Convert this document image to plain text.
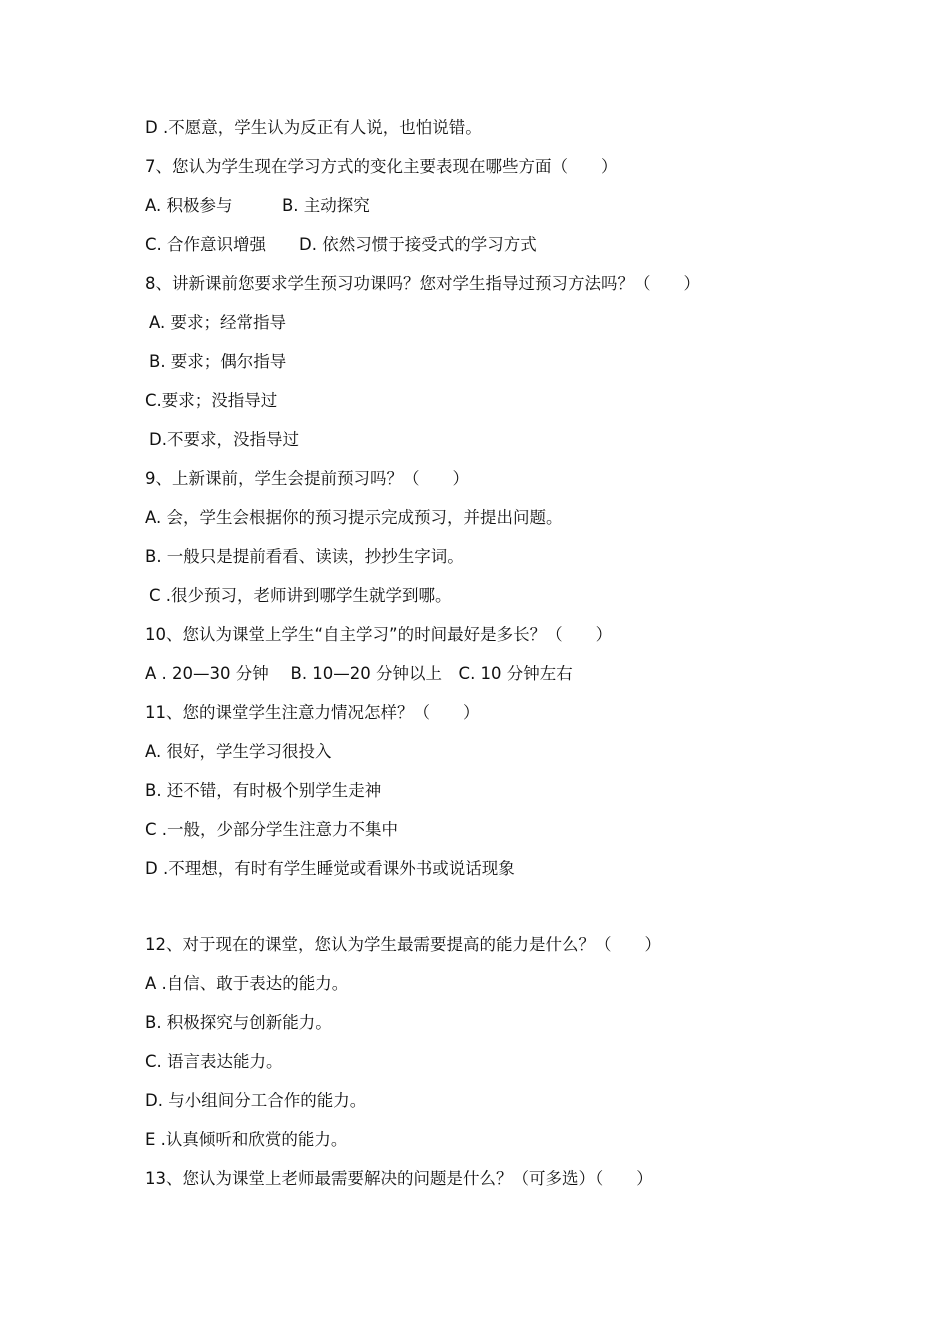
D .不愿意，学生认为反正有人说，也怕说错。
7、您认为学生现在学习方式的变化主要表现在哪些方面（　　）
A. 积极参与　　　B. 主动探究
C. 合作意识增强　　D. 依然习惯于接受式的学习方式
8、讲新课前您要求学生预习功课吗？您对学生指导过预习方法吗？（　　）
A. 要求；经常指导
B. 要求；偶尔指导
C.要求；没指导过
D.不要求，没指导过
9、上新课前，学生会提前预习吗？（　　）
A. 会，学生会根据你的预习提示完成预习，并提出问题。
B. 一般只是提前看看、读读，抄抄生字词。
C .很少预习，老师讲到哪学生就学到哪。
10、您认为课堂上学生“自主学习”的时间最好是多长？（　　）
A . 20—30 分钟　 B. 10—20 分钟以上　C. 10 分钟左右
11、您的课堂学生注意力情况怎样？（　　）
A. 很好，学生学习很投入
B. 还不错，有时极个别学生走神
C .一般，少部分学生注意力不集中
D .不理想，有时有学生睡觉或看课外书或说话现象
12、对于现在的课堂，您认为学生最需要提高的能力是什么？（　　）
A .自信、敢于表达的能力。
B. 积极探究与创新能力。
C. 语言表达能力。
D. 与小组间分工合作的能力。
E .认真倾听和欣赏的能力。
13、您认为课堂上老师最需要解决的问题是什么？（可多选）（　　）
